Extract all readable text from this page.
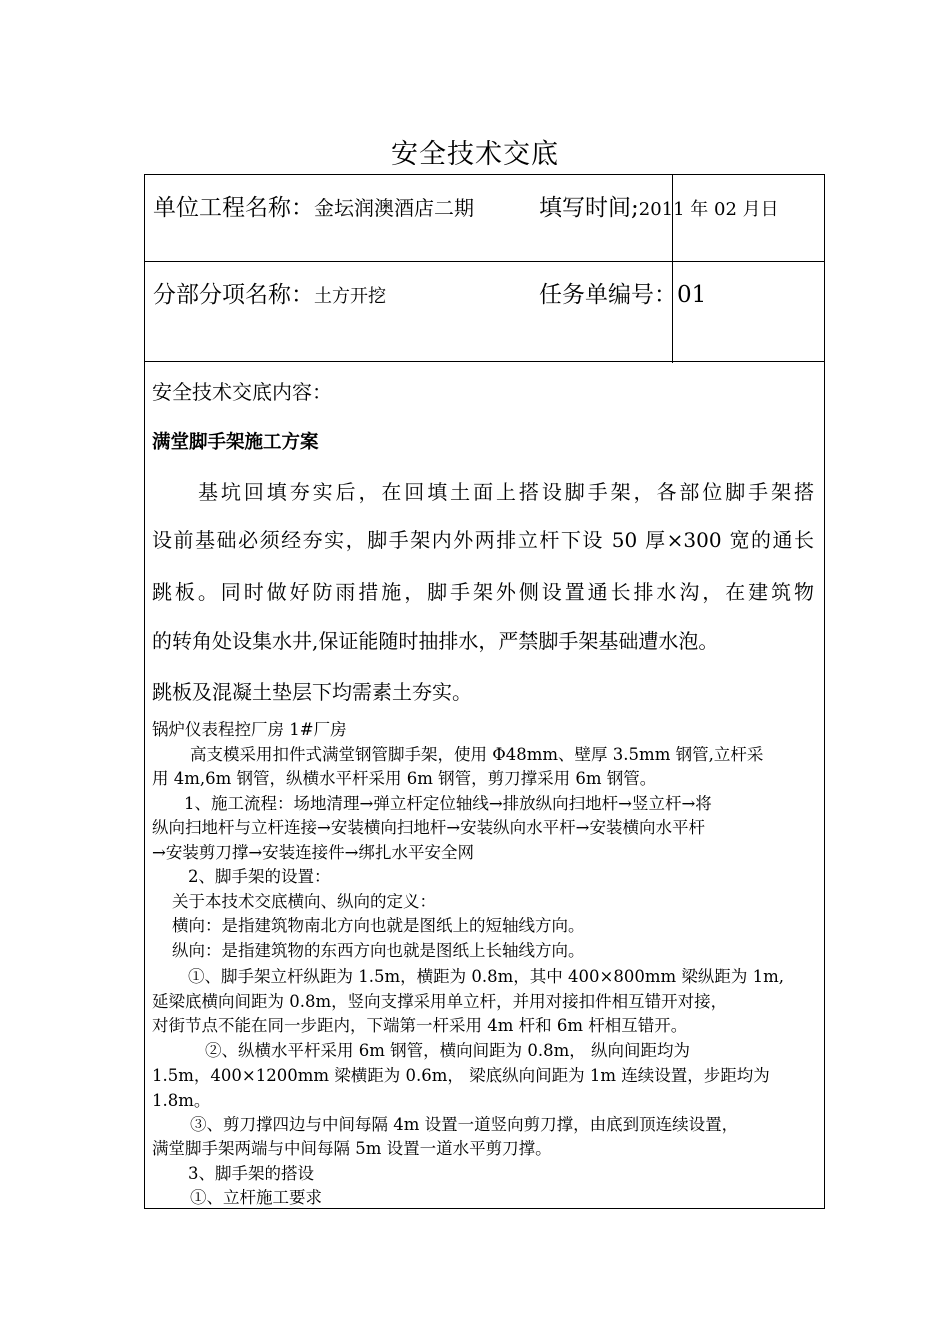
安全技术交底
单位工程名称：金坛润澳酒店二期	填写时间;2011 年 02 月日
分部分项名称：土方开挖	任务单编号：01
安全技术交底内容：
满堂脚手架施工方案
基坑回填夯实后，在回填土面上搭设脚手架，各部位脚手架搭
设前基础必须经夯实，脚手架内外两排立杆下设 50 厚×300 宽的通长
跳板。同时做好防雨措施，脚手架外侧设置通长排水沟，在建筑物
的转角处设集水井,保证能随时抽排水，严禁脚手架基础遭水泡。
跳板及混凝土垫层下均需素土夯实。
锅炉仪表程控厂房 1#厂房
高支模采用扣件式满堂钢管脚手架，使用 Φ48mm、壁厚 3.5mm 钢管,立杆采
用 4m,6m 钢管，纵横水平杆采用 6m 钢管，剪刀撑采用 6m 钢管。
1、施工流程：场地清理→弹立杆定位轴线→排放纵向扫地杆→竖立杆→将
纵向扫地杆与立杆连接→安装横向扫地杆→安装纵向水平杆→安装横向水平杆
→安装剪刀撑→安装连接件→绑扎水平安全网
2、脚手架的设置：
关于本技术交底横向、纵向的定义：
横向：是指建筑物南北方向也就是图纸上的短轴线方向。
纵向：是指建筑物的东西方向也就是图纸上长轴线方向。
①、脚手架立杆纵距为 1.5m，横距为 0.8m，其中 400×800mm 梁纵距为 1m,
延梁底横向间距为 0.8m，竖向支撑采用单立杆，并用对接扣件相互错开对接，
对街节点不能在同一步距内，下端第一杆采用 4m 杆和 6m 杆相互错开。
②、纵横水平杆采用 6m 钢管，横向间距为 0.8m， 纵向间距均为
1.5m，400×1200mm 梁横距为 0.6m， 梁底纵向间距为 1m 连续设置，步距均为
1.8m。
③、剪刀撑四边与中间每隔 4m 设置一道竖向剪刀撑，由底到顶连续设置，
满堂脚手架两端与中间每隔 5m 设置一道水平剪刀撑。
3、脚手架的搭设
①、立杆施工要求
